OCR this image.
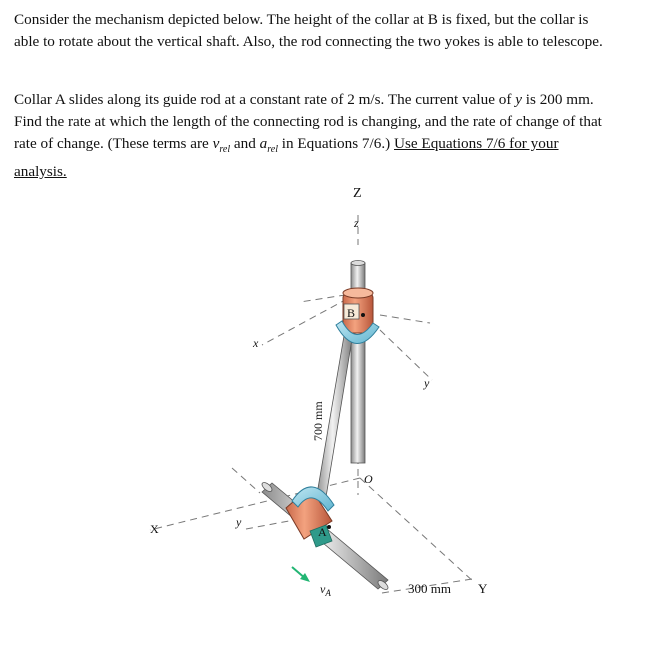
Consider the mechanism depicted below. The height of the collar at B is fixed, but the collar is able to rotate about the vertical shaft. Also, the rod connecting the two yokes is able to telescope.
Collar A slides along its guide rod at a constant rate of 2 m/s. The current value of y is 200 mm. Find the rate at which the length of the connecting rod is changing, and the rate of change of that rate of change. (These terms are $v_{rel}$ and $a_{rel}$ in Equations 7/6.) Use Equations 7/6 for your analysis.
Z
z
B
x
y
700 mm
O
X	y
A
$v_A$	300 mm Y
